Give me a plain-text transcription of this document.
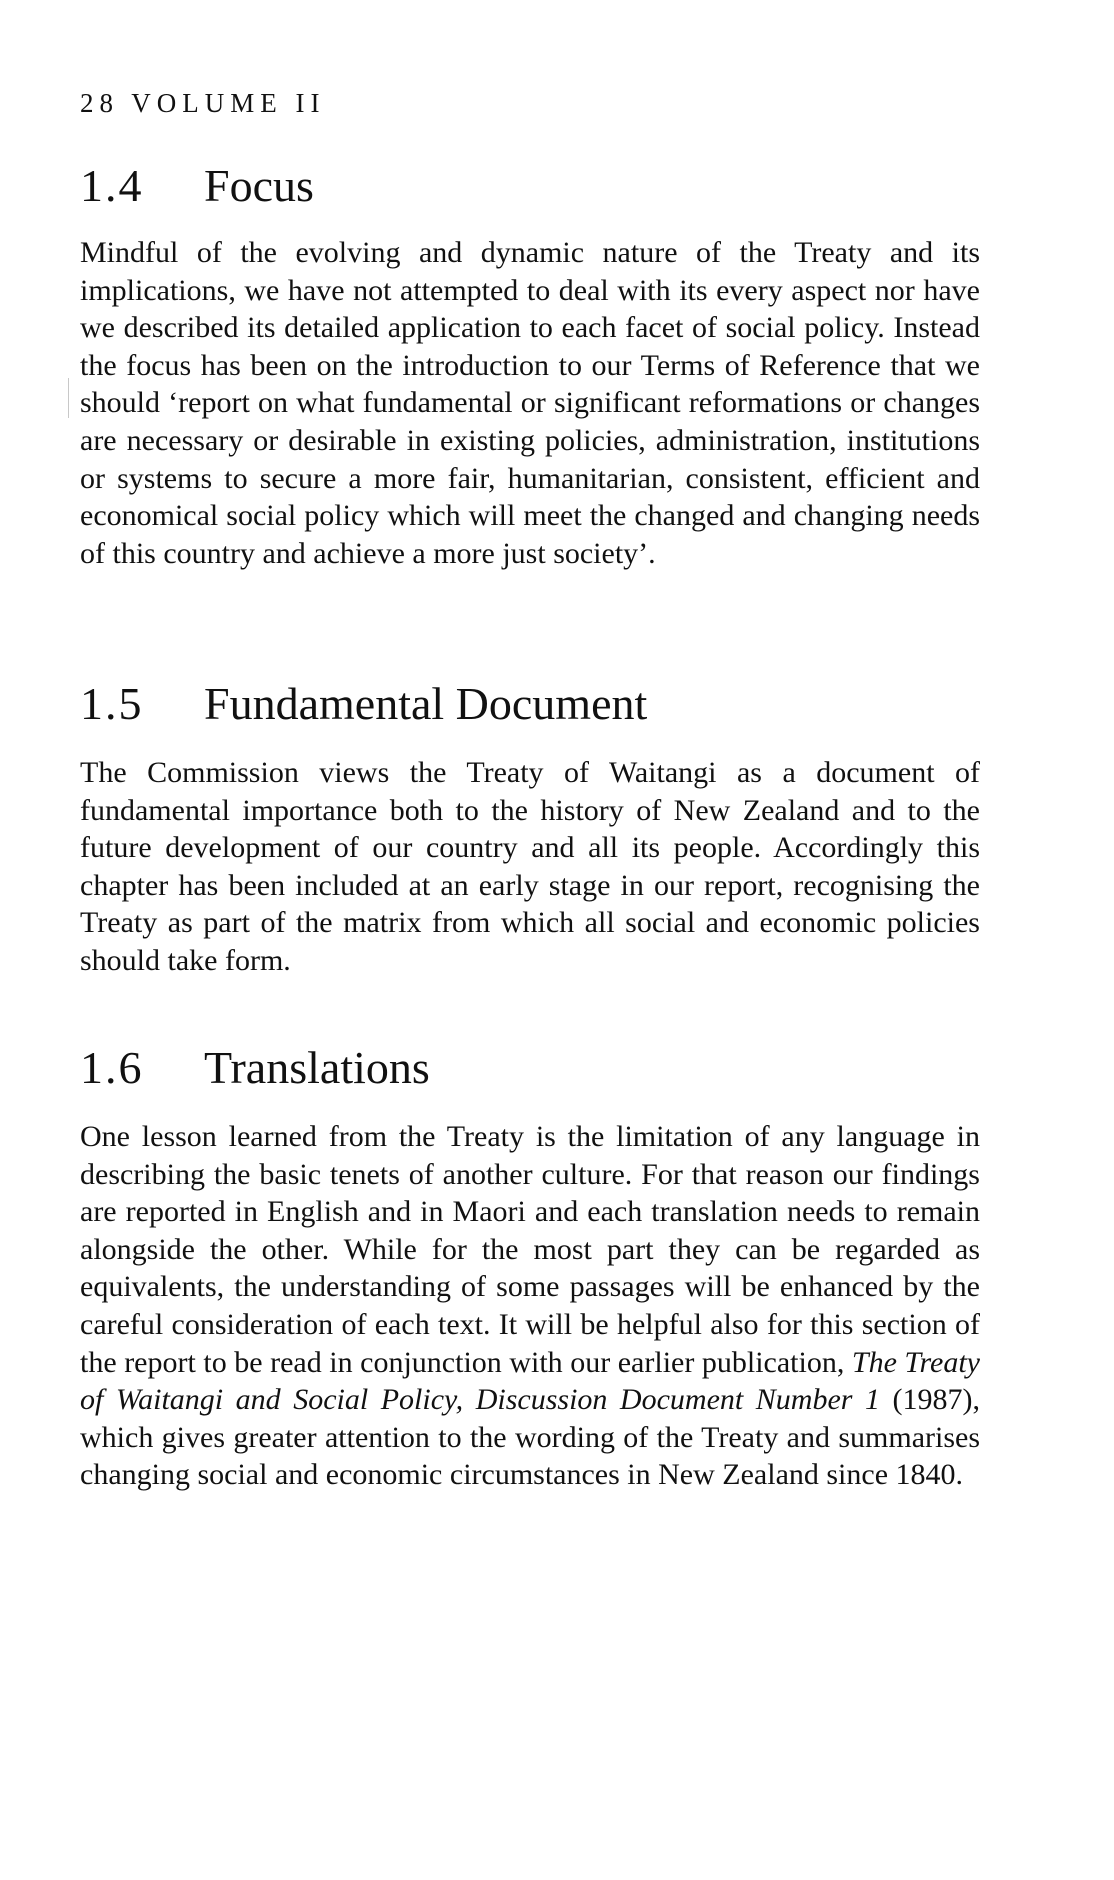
28 VOLUME II
1.4	Focus

Mindful of the evolving and dynamic nature of the Treaty and its implications, we have not attempted to deal with its every aspect nor have we described its detailed application to each facet of social policy. Instead the focus has been on the introduction to our Terms of Reference that we should ‘report on what fundamental or significant reformations or changes are necessary or desirable in existing policies, administration, institutions or systems to secure a more fair, humanitarian, consistent, efficient and economical social policy which will meet the changed and changing needs of this country and achieve a more just society’.

1.5	Fundamental Document

The Commission views the Treaty of Waitangi as a document of fundamental importance both to the history of New Zealand and to the future development of our country and all its people. Accordingly this chapter has been included at an early stage in our report, recognising the Treaty as part of the matrix from which all social and economic policies should take form.

1.6	Translations

One lesson learned from the Treaty is the limitation of any language in describing the basic tenets of another culture. For that reason our findings are reported in English and in Maori and each translation needs to remain alongside the other. While for the most part they can be regarded as equivalents, the understanding of some passages will be enhanced by the careful consideration of each text. It will be helpful also for this section of the report to be read in conjunction with our earlier publication, The Treaty of Waitangi and Social Policy, Discussion Document Number 1 (1987), which gives greater attention to the wording of the Treaty and summarises changing social and economic circumstances in New Zealand since 1840.
